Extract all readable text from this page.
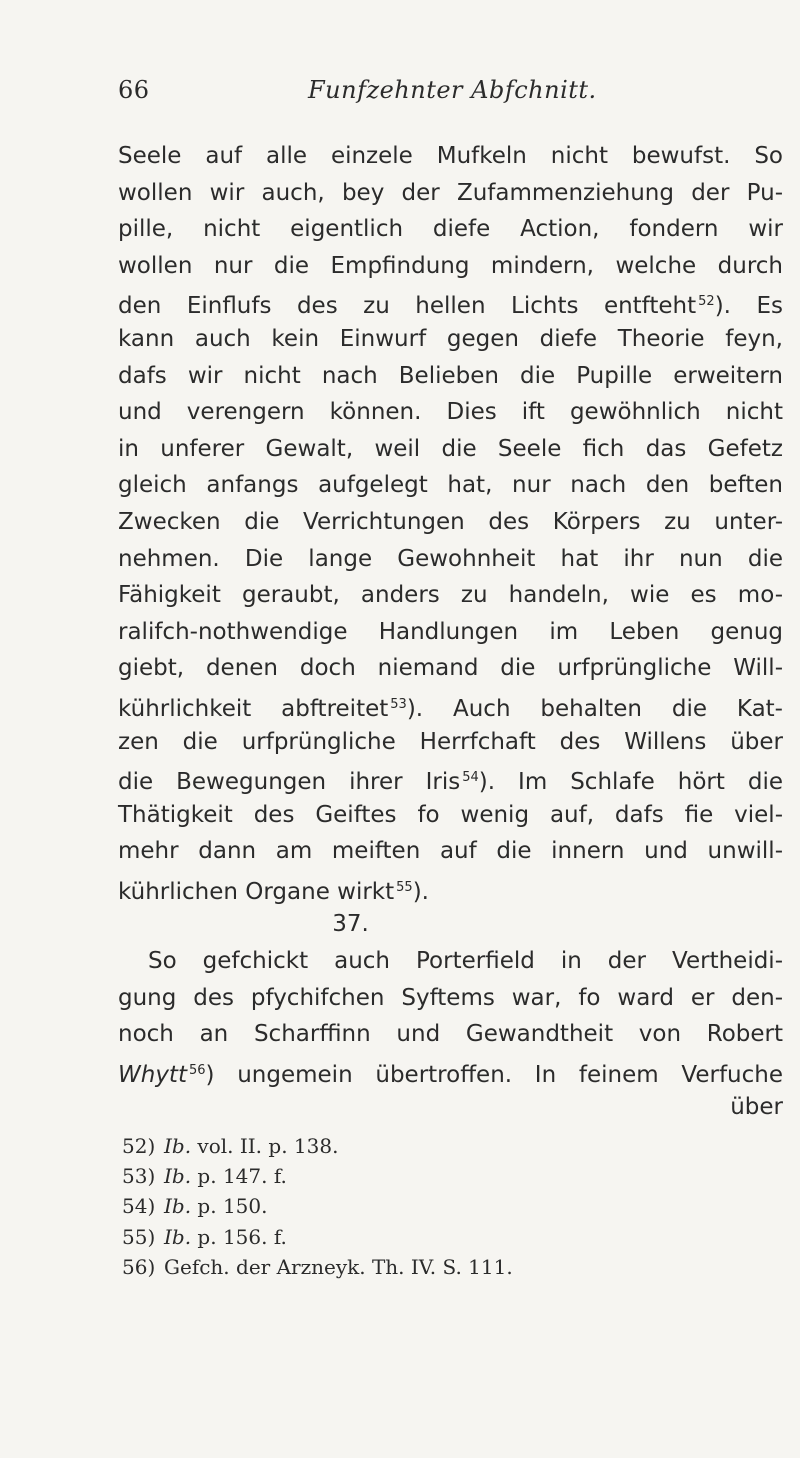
66	Funfzehnter Abfchnitt.
Seele auf alle einzele Mufkeln nicht bewufst. So
wollen wir auch, bey der Zufammenziehung der Pu-
pille, nicht eigentlich diefe Action, fondern wir
wollen nur die Empfindung mindern, welche durch
den Einflufs des zu hellen Lichts entfteht $^{52}$). Es
kann auch kein Einwurf gegen diefe Theorie feyn,
dafs wir nicht nach Belieben die Pupille erweitern
und verengern können. Dies ift gewöhnlich nicht
in unferer Gewalt, weil die Seele fich das Gefetz
gleich anfangs aufgelegt hat, nur nach den beften
Zwecken die Verrichtungen des Körpers zu unter-
nehmen. Die lange Gewohnheit hat ihr nun die
Fähigkeit geraubt, anders zu handeln, wie es mo-
ralifch-nothwendige Handlungen im Leben genug
giebt, denen doch niemand die urfprüngliche Will-
kührlichkeit abftreitet $^{53}$). Auch behalten die Kat-
zen die urfprüngliche Herrfchaft des Willens über
die Bewegungen ihrer Iris $^{54}$). Im Schlafe hört die
Thätigkeit des Geiftes fo wenig auf, dafs fie viel-
mehr dann am meiften auf die innern und unwill-
kührlichen Organe wirkt $^{55}$).
37.
So gefchickt auch Porterfield in der Vertheidi-
gung des pfychifchen Syftems war, fo ward er den-
noch an Scharffinn und Gewandtheit von Robert
Whytt $^{56}$) ungemein übertroffen. In feinem Verfuche
über
52) Ib. vol. II. p. 138.
53) Ib. p. 147. f.
54) Ib. p. 150.
55) Ib. p. 156. f.
56) Gefch. der Arzneyk. Th. IV. S. 111.
